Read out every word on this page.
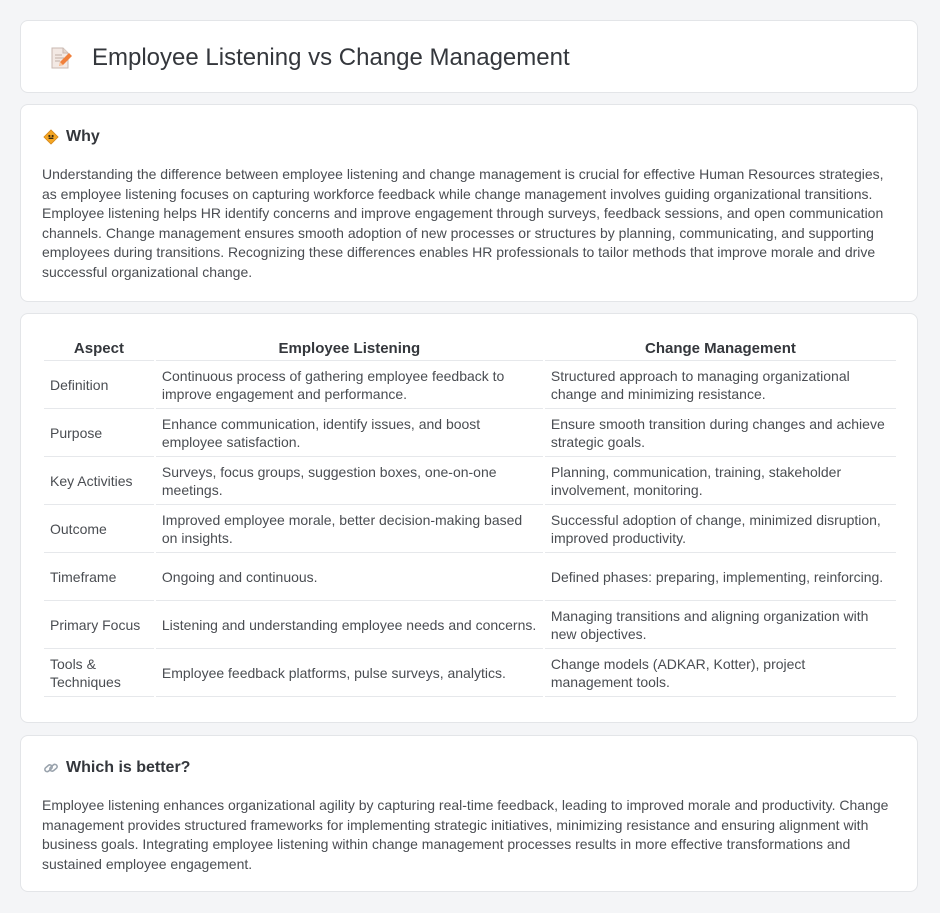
Employee Listening vs Change Management
Why

Understanding the difference between employee listening and change management is crucial for effective Human Resources strategies, as employee listening focuses on capturing workforce feedback while change management involves guiding organizational transitions. Employee listening helps HR identify concerns and improve engagement through surveys, feedback sessions, and open communication channels. Change management ensures smooth adoption of new processes or structures by planning, communicating, and supporting employees during transitions. Recognizing these differences enables HR professionals to tailor methods that improve morale and drive successful organizational change.

Aspect	Employee Listening	Change Management
Definition	Continuous process of gathering employee feedback to improve engagement and performance.	Structured approach to managing organizational change and minimizing resistance.
Purpose	Enhance communication, identify issues, and boost employee satisfaction.	Ensure smooth transition during changes and achieve strategic goals.
Key Activities	Surveys, focus groups, suggestion boxes, one-on-one meetings.	Planning, communication, training, stakeholder involvement, monitoring.
Outcome	Improved employee morale, better decision-making based on insights.	Successful adoption of change, minimized disruption, improved productivity.
Timeframe	Ongoing and continuous.	Defined phases: preparing, implementing, reinforcing.
Primary Focus	Listening and understanding employee needs and concerns.	Managing transitions and aligning organization with new objectives.
Tools & Techniques	Employee feedback platforms, pulse surveys, analytics.	Change models (ADKAR, Kotter), project management tools.
Which is better?

Employee listening enhances organizational agility by capturing real-time feedback, leading to improved morale and productivity. Change management provides structured frameworks for implementing strategic initiatives, minimizing resistance and ensuring alignment with business goals. Integrating employee listening within change management processes results in more effective transformations and sustained employee engagement.
